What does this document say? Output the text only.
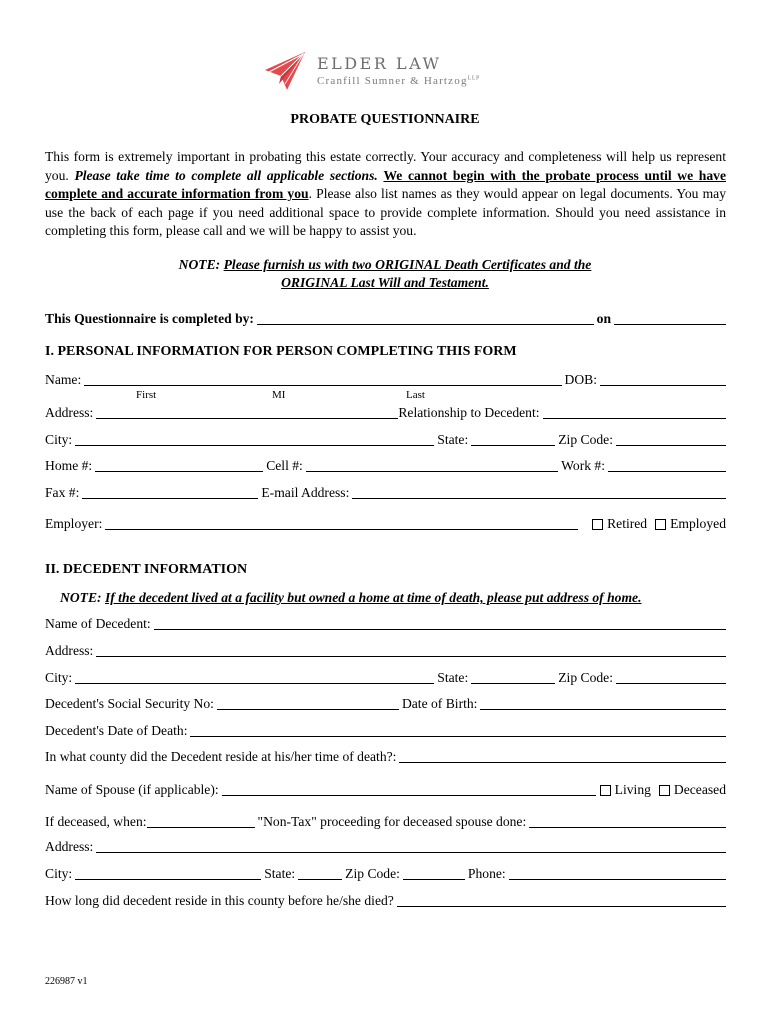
ELDER LAW
Cranfill Sumner & Hartzog$^{LLP}$
PROBATE QUESTIONNAIRE
This form is extremely important in probating this estate correctly. Your accuracy and completeness will help us represent you. Please take time to complete all applicable sections. We cannot begin with the probate process until we have complete and accurate information from you. Please also list names as they would appear on legal documents. You may use the back of each page if you need additional space to provide complete information. Should you need assistance in completing this form, please call and we will be happy to assist you.
NOTE: Please furnish us with two ORIGINAL Death Certificates and the
ORIGINAL Last Will and Testament.
This Questionnaire is completed by:	on
I. PERSONAL INFORMATION FOR PERSON COMPLETING THIS FORM
Name:	DOB:
First	MI	Last
Address:	Relationship to Decedent:
City:	State:	Zip Code:
Home #:	Cell #:	Work #:
Fax #:	E-mail Address:
Employer:	Retired Employed
II. DECEDENT INFORMATION
NOTE: If the decedent lived at a facility but owned a home at time of death, please put address of home.
Name of Decedent:
Address:
City:	State:	Zip Code:
Decedent's Social Security No:	Date of Birth:
Decedent's Date of Death:
In what county did the Decedent reside at his/her time of death?:
Name of Spouse (if applicable):	Living Deceased
If deceased, when:	"Non-Tax" proceeding for deceased spouse done:
Address:
City:	State:	Zip Code:	Phone:
How long did decedent reside in this county before he/she died?
226987 v1
